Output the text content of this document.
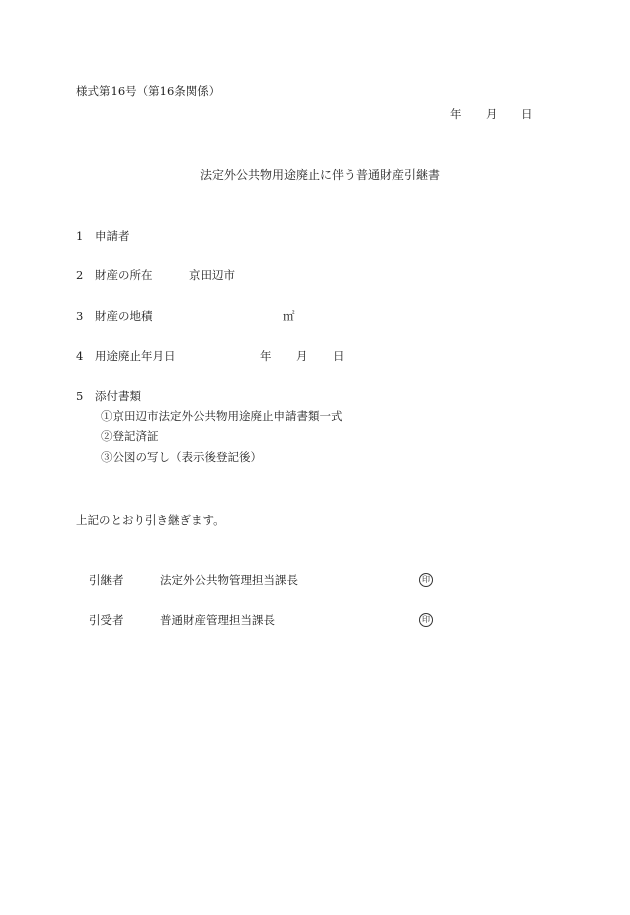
様式第16号（第16条関係）
年 月 日
法定外公共物用途廃止に伴う普通財産引継書
1 申請者
2 財産の所在	京田辺市
3 財産の地積	㎡
4 用途廃止年月日	年 月 日
5 添付書類
①京田辺市法定外公共物用途廃止申請書類一式
②登記済証
③公図の写し（表示後登記後）
上記のとおり引き継ぎます。
引継者	法定外公共物管理担当課長	印
引受者	普通財産管理担当課長	印
